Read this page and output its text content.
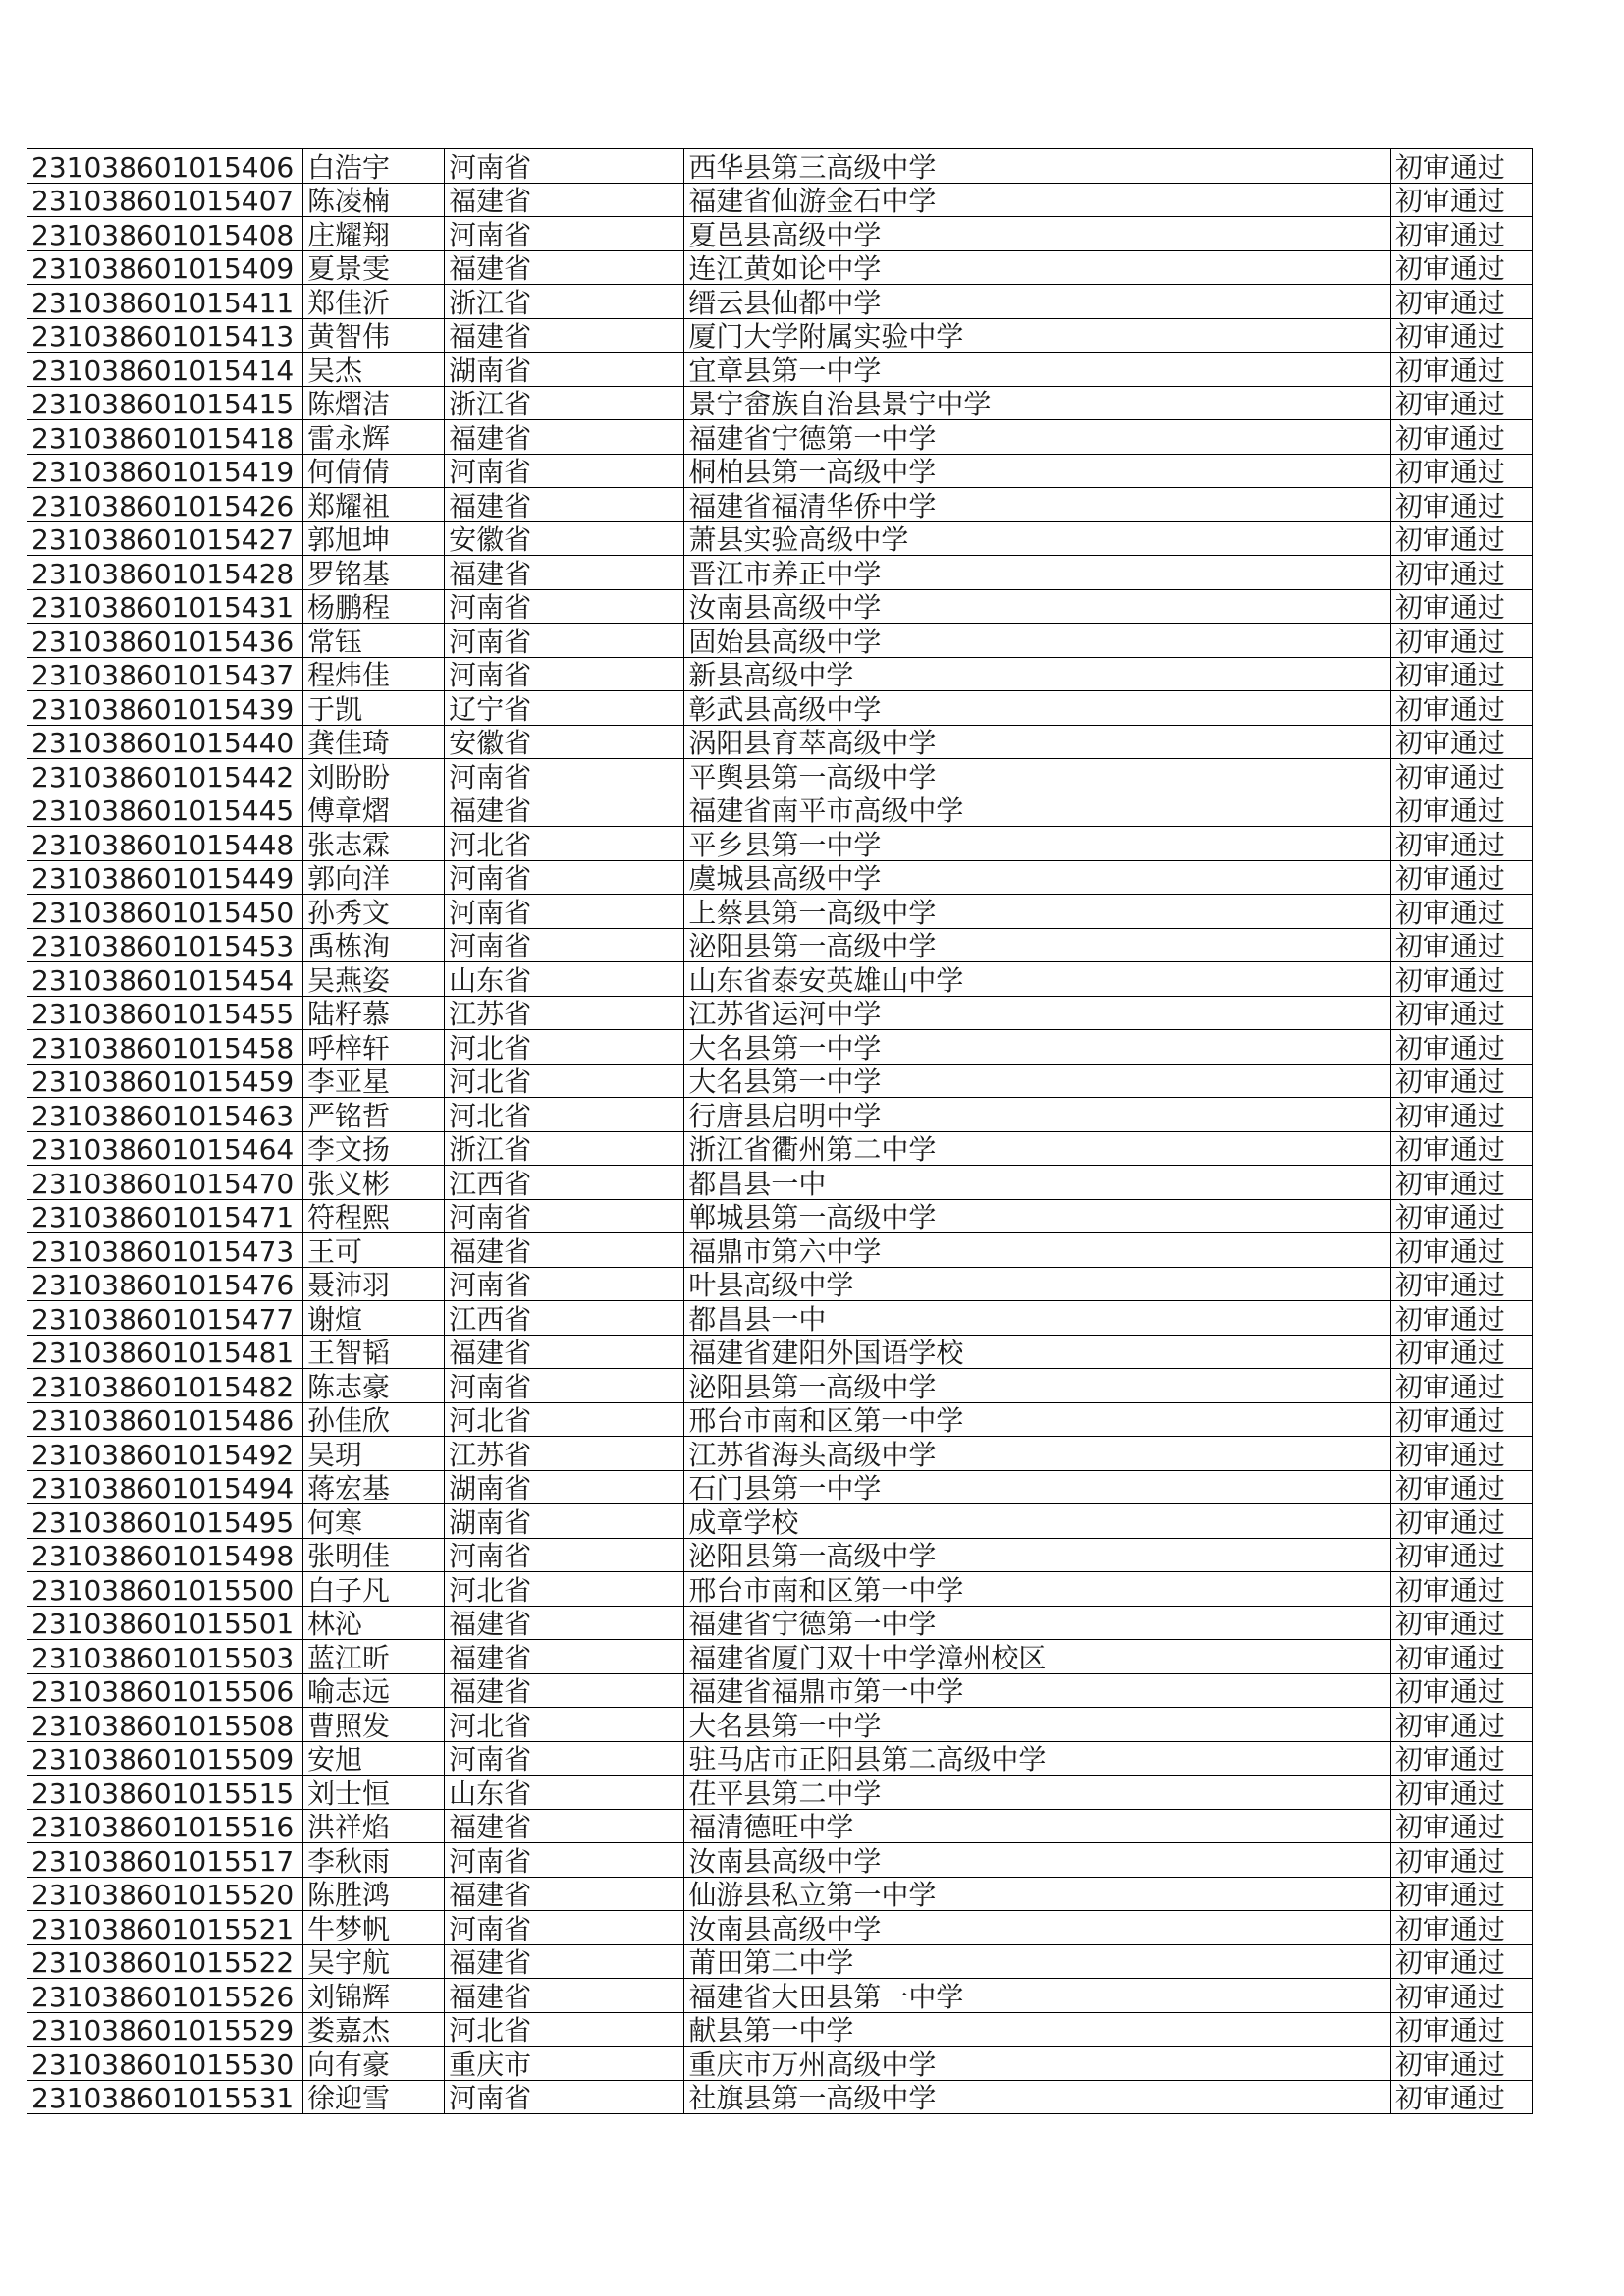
231038601015406	白浩宇	河南省	西华县第三高级中学	初审通过
231038601015407	陈凌楠	福建省	福建省仙游金石中学	初审通过
231038601015408	庄耀翔	河南省	夏邑县高级中学	初审通过
231038601015409	夏景雯	福建省	连江黄如论中学	初审通过
231038601015411	郑佳沂	浙江省	缙云县仙都中学	初审通过
231038601015413	黄智伟	福建省	厦门大学附属实验中学	初审通过
231038601015414	吴杰	湖南省	宜章县第一中学	初审通过
231038601015415	陈熠洁	浙江省	景宁畲族自治县景宁中学	初审通过
231038601015418	雷永辉	福建省	福建省宁德第一中学	初审通过
231038601015419	何倩倩	河南省	桐柏县第一高级中学	初审通过
231038601015426	郑耀祖	福建省	福建省福清华侨中学	初审通过
231038601015427	郭旭坤	安徽省	萧县实验高级中学	初审通过
231038601015428	罗铭基	福建省	晋江市养正中学	初审通过
231038601015431	杨鹏程	河南省	汝南县高级中学	初审通过
231038601015436	常钰	河南省	固始县高级中学	初审通过
231038601015437	程炜佳	河南省	新县高级中学	初审通过
231038601015439	于凯	辽宁省	彰武县高级中学	初审通过
231038601015440	龚佳琦	安徽省	涡阳县育萃高级中学	初审通过
231038601015442	刘盼盼	河南省	平舆县第一高级中学	初审通过
231038601015445	傅章熠	福建省	福建省南平市高级中学	初审通过
231038601015448	张志霖	河北省	平乡县第一中学	初审通过
231038601015449	郭向洋	河南省	虞城县高级中学	初审通过
231038601015450	孙秀文	河南省	上蔡县第一高级中学	初审通过
231038601015453	禹栋洵	河南省	泌阳县第一高级中学	初审通过
231038601015454	吴燕姿	山东省	山东省泰安英雄山中学	初审通过
231038601015455	陆籽慕	江苏省	江苏省运河中学	初审通过
231038601015458	呼梓轩	河北省	大名县第一中学	初审通过
231038601015459	李亚星	河北省	大名县第一中学	初审通过
231038601015463	严铭哲	河北省	行唐县启明中学	初审通过
231038601015464	李文扬	浙江省	浙江省衢州第二中学	初审通过
231038601015470	张义彬	江西省	都昌县一中	初审通过
231038601015471	符程熙	河南省	郸城县第一高级中学	初审通过
231038601015473	王可	福建省	福鼎市第六中学	初审通过
231038601015476	聂沛羽	河南省	叶县高级中学	初审通过
231038601015477	谢煊	江西省	都昌县一中	初审通过
231038601015481	王智韬	福建省	福建省建阳外国语学校	初审通过
231038601015482	陈志豪	河南省	泌阳县第一高级中学	初审通过
231038601015486	孙佳欣	河北省	邢台市南和区第一中学	初审通过
231038601015492	吴玥	江苏省	江苏省海头高级中学	初审通过
231038601015494	蒋宏基	湖南省	石门县第一中学	初审通过
231038601015495	何寒	湖南省	成章学校	初审通过
231038601015498	张明佳	河南省	泌阳县第一高级中学	初审通过
231038601015500	白子凡	河北省	邢台市南和区第一中学	初审通过
231038601015501	林沁	福建省	福建省宁德第一中学	初审通过
231038601015503	蓝江昕	福建省	福建省厦门双十中学漳州校区	初审通过
231038601015506	喻志远	福建省	福建省福鼎市第一中学	初审通过
231038601015508	曹照发	河北省	大名县第一中学	初审通过
231038601015509	安旭	河南省	驻马店市正阳县第二高级中学	初审通过
231038601015515	刘士恒	山东省	茌平县第二中学	初审通过
231038601015516	洪祥焰	福建省	福清德旺中学	初审通过
231038601015517	李秋雨	河南省	汝南县高级中学	初审通过
231038601015520	陈胜鸿	福建省	仙游县私立第一中学	初审通过
231038601015521	牛梦帆	河南省	汝南县高级中学	初审通过
231038601015522	吴宇航	福建省	莆田第二中学	初审通过
231038601015526	刘锦辉	福建省	福建省大田县第一中学	初审通过
231038601015529	娄嘉杰	河北省	献县第一中学	初审通过
231038601015530	向有豪	重庆市	重庆市万州高级中学	初审通过
231038601015531	徐迎雪	河南省	社旗县第一高级中学	初审通过
